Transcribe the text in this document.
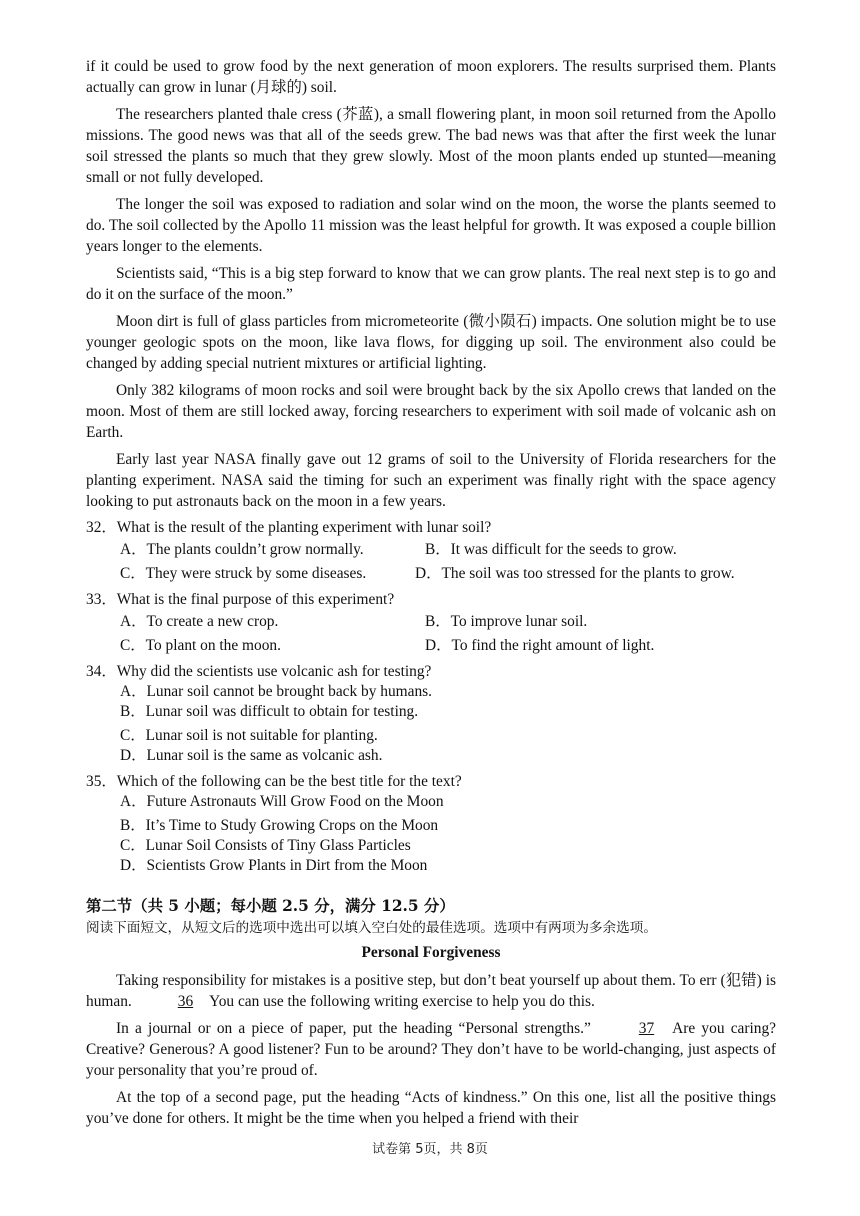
if it could be used to grow food by the next generation of moon explorers. The results surprised them. Plants actually can grow in lunar (月球的) soil.

The researchers planted thale cress (芥蓝), a small flowering plant, in moon soil returned from the Apollo missions. The good news was that all of the seeds grew. The bad news was that after the first week the lunar soil stressed the plants so much that they grew slowly. Most of the moon plants ended up stunted—meaning small or not fully developed.

The longer the soil was exposed to radiation and solar wind on the moon, the worse the plants seemed to do. The soil collected by the Apollo 11 mission was the least helpful for growth. It was exposed a couple billion years longer to the elements.

Scientists said, “This is a big step forward to know that we can grow plants. The real next step is to go and do it on the surface of the moon.”

Moon dirt is full of glass particles from micrometeorite (微小陨石) impacts. One solution might be to use younger geologic spots on the moon, like lava flows, for digging up soil. The environment also could be changed by adding special nutrient mixtures or artificial lighting.

Only 382 kilograms of moon rocks and soil were brought back by the six Apollo crews that landed on the moon. Most of them are still locked away, forcing researchers to experiment with soil made of volcanic ash on Earth.

Early last year NASA finally gave out 12 grams of soil to the University of Florida researchers for the planting experiment. NASA said the timing for such an experiment was finally right with the space agency looking to put astronauts back on the moon in a few years.

32．What is the result of the planting experiment with lunar soil?

A．The plants couldn’t grow normally.	B．It was difficult for the seeds to grow.
C．They were struck by some diseases.	D．The soil was too stressed for the plants to grow.

33．What is the final purpose of this experiment?

A．To create a new crop.	B．To improve lunar soil.
C．To plant on the moon.	D．To find the right amount of light.

34．Why did the scientists use volcanic ash for testing?

A．Lunar soil cannot be brought back by humans.

B．Lunar soil was difficult to obtain for testing.

C．Lunar soil is not suitable for planting.

D．Lunar soil is the same as volcanic ash.

35．Which of the following can be the best title for the text?

A．Future Astronauts Will Grow Food on the Moon

B．It’s Time to Study Growing Crops on the Moon

C．Lunar Soil Consists of Tiny Glass Particles

D．Scientists Grow Plants in Dirt from the Moon

第二节（共 5 小题；每小题 2.5 分，满分 12.5 分）
阅读下面短文，从短文后的选项中选出可以填入空白处的最佳选项。选项中有两项为多余选项。
Personal Forgiveness

Taking responsibility for mistakes is a positive step, but don’t beat yourself up about them. To err (犯错) is human.	36 You can use the following writing exercise to help you do this.

In a journal or on a piece of paper, put the heading “Personal strengths.”	37 Are you caring? Creative? Generous? A good listener? Fun to be around? They don’t have to be world-changing, just aspects of your personality that you’re proud of.

At the top of a second page, put the heading “Acts of kindness.” On this one, list all the positive things you’ve done for others. It might be the time when you helped a friend with their

试卷第 5页，共 8页
